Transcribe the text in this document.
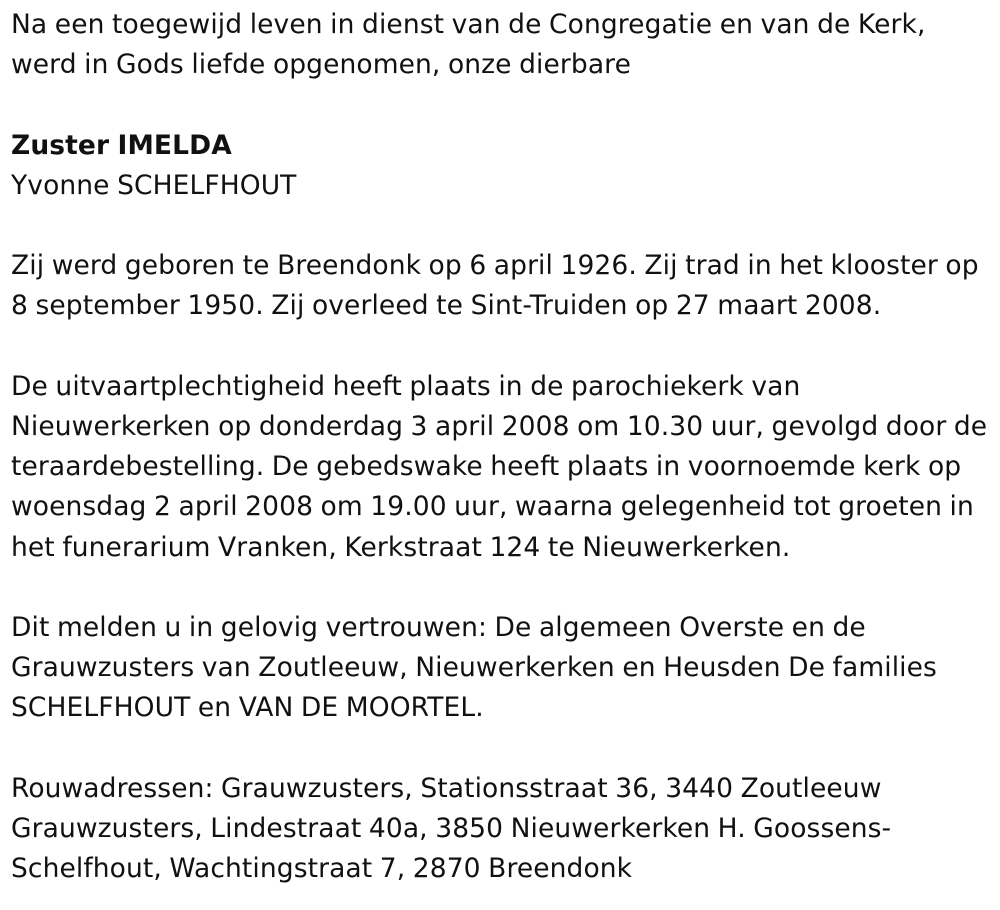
Na een toegewijd leven in dienst van de Congregatie en van de Kerk,
werd in Gods liefde opgenomen, onze dierbare

Zuster IMELDA
Yvonne SCHELFHOUT

Zij werd geboren te Breendonk op 6 april 1926. Zij trad in het klooster op
8 september 1950. Zij overleed te Sint-Truiden op 27 maart 2008.

De uitvaartplechtigheid heeft plaats in de parochiekerk van
Nieuwerkerken op donderdag 3 april 2008 om 10.30 uur, gevolgd door de
teraardebestelling. De gebedswake heeft plaats in voornoemde kerk op
woensdag 2 april 2008 om 19.00 uur, waarna gelegenheid tot groeten in
het funerarium Vranken, Kerkstraat 124 te Nieuwerkerken.

Dit melden u in gelovig vertrouwen: De algemeen Overste en de
Grauwzusters van Zoutleeuw, Nieuwerkerken en Heusden De families
SCHELFHOUT en VAN DE MOORTEL.

Rouwadressen: Grauwzusters, Stationsstraat 36, 3440 Zoutleeuw
Grauwzusters, Lindestraat 40a, 3850 Nieuwerkerken H. Goossens-
Schelfhout, Wachtingstraat 7, 2870 Breendonk
